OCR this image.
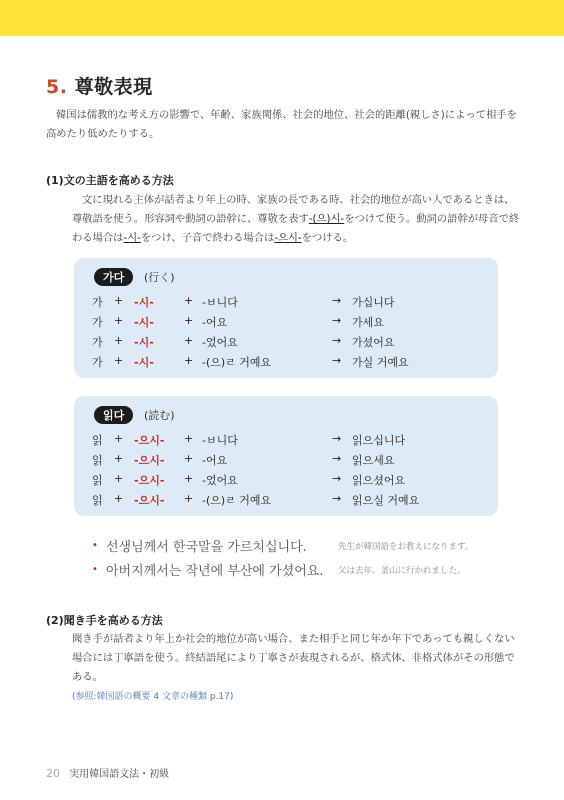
5. 尊敬表現
韓国は儒教的な考え方の影響で、年齢、家族関係、社会的地位、社会的距離(親しさ)によって相手を高めたり低めたりする。
(1)文の主語を高める方法
文に現れる主体が話者より年上の時、家族の長である時、社会的地位が高い人であるときは、尊敬語を使う。形容詞や動詞の語幹に、尊敬を表す-(으)시-をつけて使う。動詞の語幹が母音で終わる場合は-시-をつけ、子音で終わる場合は-으시-をつける。
가다	(行く)
가 + -시-	+ -ㅂ니다	→ 가십니다
가 + -시-	+ -어요	→ 가세요
가 + -시-	+ -었어요	→ 가셨어요
가 + -시-	+ -(으)ㄹ 거예요	→ 가실 거예요
읽다	(読む)
읽 + -으시- + -ㅂ니다	→ 읽으십니다
읽 + -으시- + -어요	→ 읽으세요
읽 + -으시- + -었어요	→ 읽으셨어요
읽 + -으시- + -(으)ㄹ 거예요	→ 읽으실 거예요
• 선생님께서 한국말을 가르치십니다.	先生が韓国語をお教えになります。
• 아버지께서는 작년에 부산에 가셨어요. 父は去年、釜山に行かれました。
(2)聞き手を高める方法
聞き手が話者より年上か社会的地位が高い場合、また相手と同じ年か年下であっても親しくない場合には丁寧語を使う。終結語尾により丁寧さが表現されるが、格式体、非格式体がその形態である。
(参照:韓国語の概要 4 文章の種類 p.17)
20 実用韓国語文法・初級
